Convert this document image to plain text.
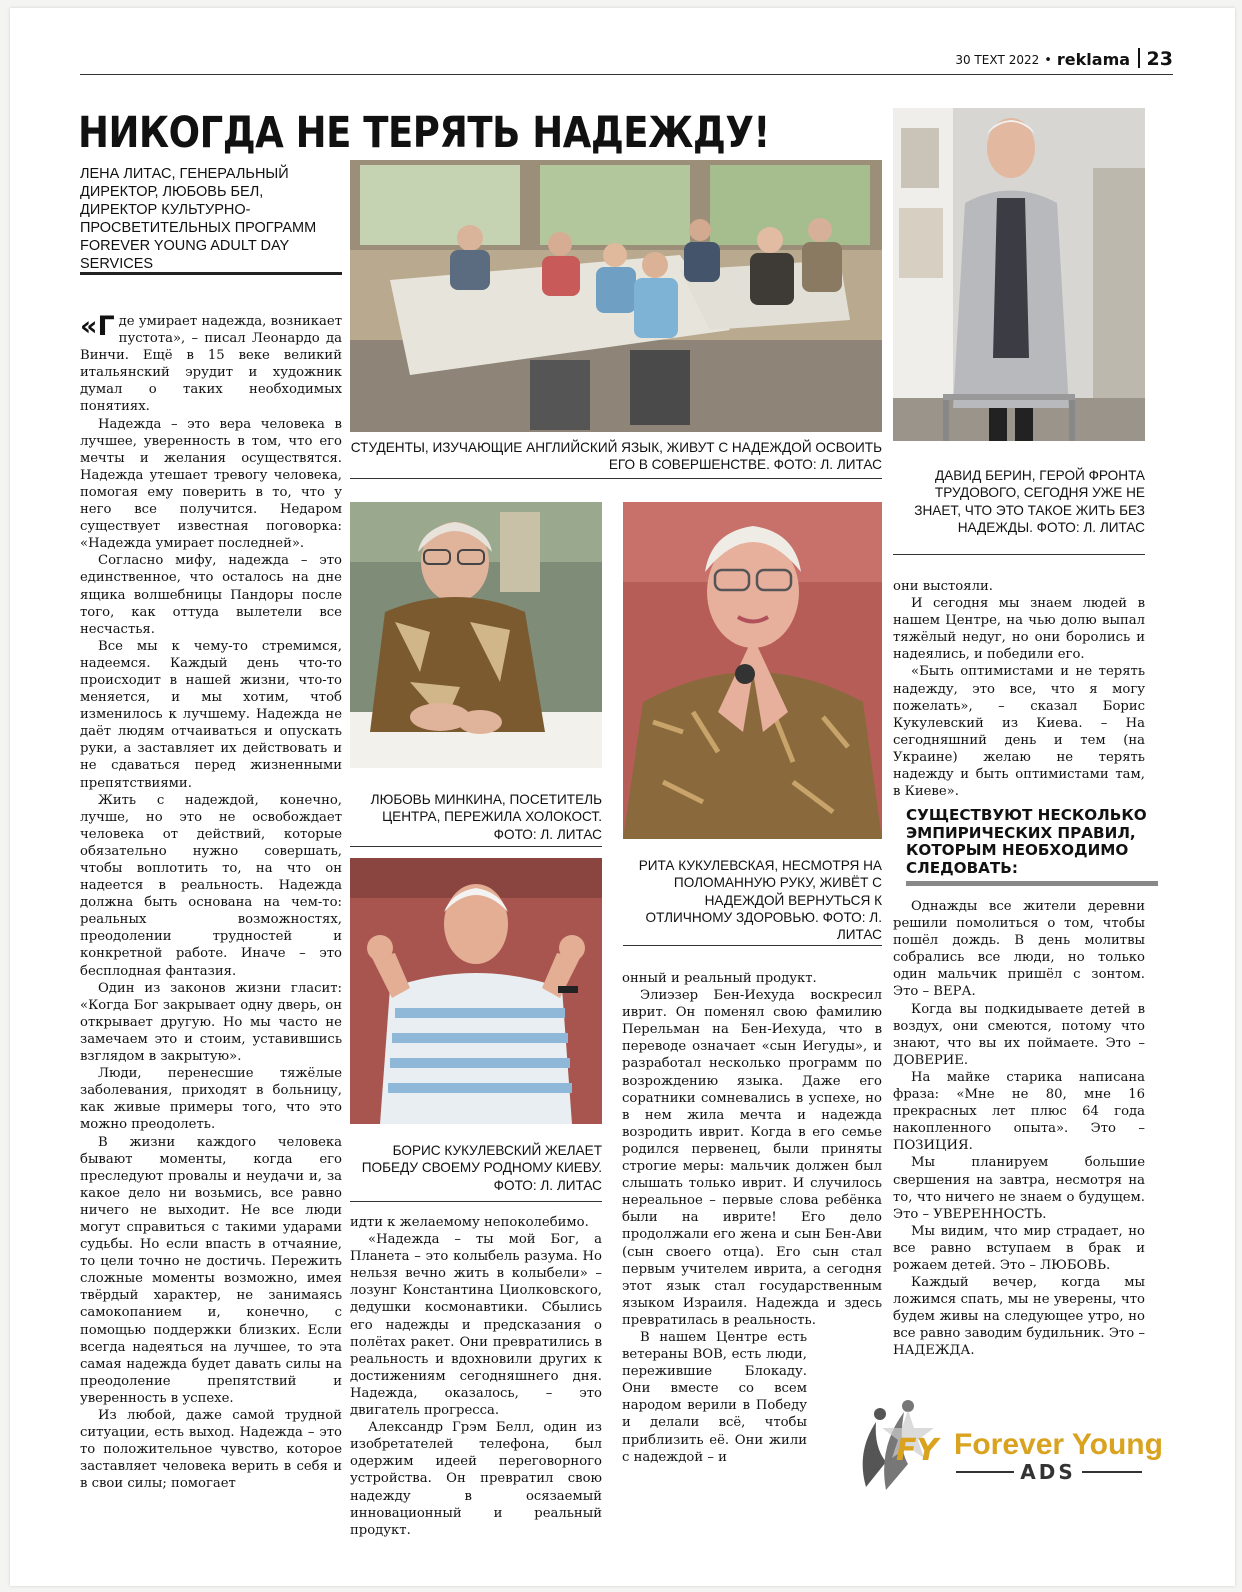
30 ТЕХТ 2022 • reklama 23
НИКОГДА НЕ ТЕРЯТЬ НАДЕЖДУ!
ЛЕНА ЛИТАС, ГЕНЕРАЛЬНЫЙ ДИРЕКТОР, ЛЮБОВЬ БЕЛ, ДИРЕКТОР КУЛЬТУРНО-ПРОСВЕТИТЕЛЬНЫХ ПРОГРАММ FOREVER YOUNG ADULT DAY SERVICES

«Где умирает надежда, возникает пустота», – писал Леонардо да Винчи. Ещё в 15 веке великий итальянский эрудит и художник думал о таких необходимых понятиях.

Надежда – это вера человека в лучшее, уверенность в том, что его мечты и желания осуществятся. Надежда утешает тревогу человека, помогая ему поверить в то, что у него все получится. Недаром существует известная поговорка: «Надежда умирает последней».

Согласно мифу, надежда – это единственное, что осталось на дне ящика волшебницы Пандоры после того, как оттуда вылетели все несчастья.

Все мы к чему-то стремимся, надеемся. Каждый день что-то происходит в нашей жизни, что-то меняется, и мы хотим, чтоб изменилось к лучшему. Надежда не даёт людям отчаиваться и опускать руки, а заставляет их действовать и не сдаваться перед жизненными препятствиями.

Жить с надеждой, конечно, лучше, но это не освобождает человека от действий, которые обязательно нужно совершать, чтобы воплотить то, на что он надеется в реальность. Надежда должна быть основана на чем-то: реальных возможностях, преодолении трудностей и конкретной работе. Иначе – это бесплодная фантазия.

Один из законов жизни гласит: «Когда Бог закрывает одну дверь, он открывает другую. Но мы часто не замечаем это и стоим, уставившись взглядом в закрытую».

Люди, перенесшие тяжёлые заболевания, приходят в больницу, как живые примеры того, что это можно преодолеть.

В жизни каждого человека бывают моменты, когда его преследуют провалы и неудачи и, за какое дело ни возьмись, все равно ничего не выходит. Не все люди могут справиться с такими ударами судьбы. Но если впасть в отчаяние, то цели точно не достичь. Пережить сложные моменты возможно, имея твёрдый характер, не занимаясь самокопанием и, конечно, с помощью поддержки близких. Если всегда надеяться на лучшее, то эта самая надежда будет давать силы на преодоление препятствий и уверенность в успехе.

Из любой, даже самой трудной ситуации, есть выход. Надежда – это то положительное чувство, которое заставляет человека верить в себя и в свои силы; помогает

СТУДЕНТЫ, ИЗУЧАЮЩИЕ АНГЛИЙСКИЙ ЯЗЫК, ЖИВУТ С НАДЕЖДОЙ ОСВОИТЬ ЕГО В СОВЕРШЕНСТВЕ. ФОТО: Л. ЛИТАС
ДАВИД БЕРИН, ГЕРОЙ ФРОНТА ТРУДОВОГО, СЕГОДНЯ УЖЕ НЕ ЗНАЕТ, ЧТО ЭТО ТАКОЕ ЖИТЬ БЕЗ НАДЕЖДЫ. ФОТО: Л. ЛИТАС
ЛЮБОВЬ МИНКИНА, ПОСЕТИТЕЛЬ ЦЕНТРА, ПЕРЕЖИЛА ХОЛОКОСТ. ФОТО: Л. ЛИТАС
РИТА КУКУЛЕВСКАЯ, НЕСМОТРЯ НА ПОЛОМАННУЮ РУКУ, ЖИВЁТ С НАДЕЖДОЙ ВЕРНУТЬСЯ К ОТЛИЧНОМУ ЗДОРОВЬЮ. ФОТО: Л. ЛИТАС
БОРИС КУКУЛЕВСКИЙ ЖЕЛАЕТ ПОБЕДУ СВОЕМУ РОДНОМУ КИЕВУ. ФОТО: Л. ЛИТАС

идти к желаемому непоколебимо.

«Надежда – ты мой Бог, а Планета – это колыбель разума. Но нельзя вечно жить в колыбели» – лозунг Константина Циолковского, дедушки космонавтики. Сбылись его надежды и предсказания о полётах ракет. Они превратились в реальность и вдохновили других к достижениям сегодняшнего дня. Надежда, оказалось, – это двигатель прогресса.

Александр Грэм Белл, один из изобретателей телефона, был одержим идеей переговорного устройства. Он превратил свою надежду в осязаемый инновационный и реальный продукт.

онный и реальный продукт.

Элиэзер Бен-Иехуда воскресил иврит. Он поменял свою фамилию Перельман на Бен-Иехуда, что в переводе означает «сын Иегуды», и разработал несколько программ по возрождению языка. Даже его соратники сомневались в успехе, но в нем жила мечта и надежда возродить иврит. Когда в его семье родился первенец, были приняты строгие меры: мальчик должен был слышать только иврит. И случилось нереальное – первые слова ребёнка были на иврите! Его дело продолжали его жена и сын Бен-Ави (сын своего отца). Его сын стал первым учителем иврита, а сегодня этот язык стал государственным языком Израиля. Надежда и здесь превратилась в реальность.

В нашем Центре есть ветераны ВОВ, есть люди, пережившие Блокаду. Они вместе со всем народом верили в Победу и делали всё, чтобы приблизить её. Они жили с надеждой – и

они выстояли.

И сегодня мы знаем людей в нашем Центре, на чью долю выпал тяжёлый недуг, но они боролись и надеялись, и победили его.

«Быть оптимистами и не терять надежду, это все, что я могу пожелать», – сказал Борис Кукулевский из Киева. – На сегодняшний день и тем (на Украине) желаю не терять надежду и быть оптимистами там, в Киеве».

СУЩЕСТВУЮТ НЕСКОЛЬКО ЭМПИРИЧЕСКИХ ПРАВИЛ, КОТОРЫМ НЕОБХОДИМО СЛЕДОВАТЬ:

Однажды все жители деревни решили помолиться о том, чтобы пошёл дождь. В день молитвы собрались все люди, но только один мальчик пришёл с зонтом. Это – ВЕРА.

Когда вы подкидываете детей в воздух, они смеются, потому что знают, что вы их поймаете. Это – ДОВЕРИЕ.

На майке старика написана фраза: «Мне не 80, мне 16 прекрасных лет плюс 64 года накопленного опыта». Это – ПОЗИЦИЯ.

Мы планируем большие свершения на завтра, несмотря на то, что ничего не знаем о будущем. Это – УВЕРЕННОСТЬ.

Мы видим, что мир страдает, но все равно вступаем в брак и рожаем детей. Это – ЛЮБОВЬ.

Каждый вечер, когда мы ложимся спать, мы не уверены, что будем живы на следующее утро, но все равно заводим будильник. Это – НАДЕЖДА.

FY Forever Young
ADS
